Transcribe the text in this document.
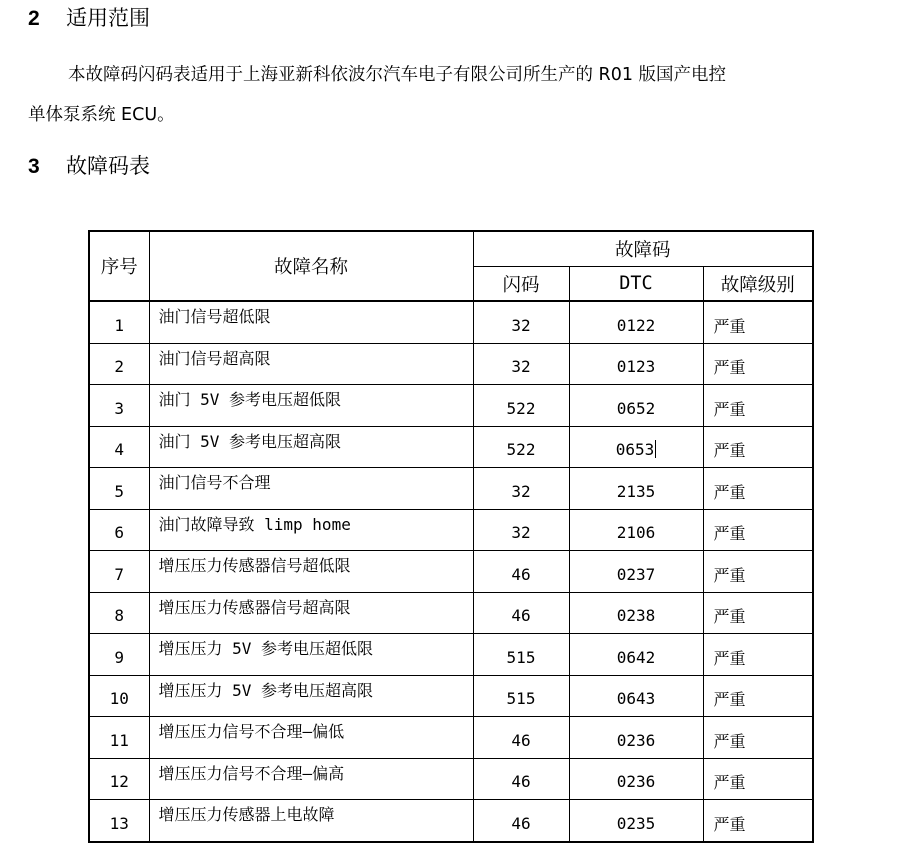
2 适用范围
本故障码闪码表适用于上海亚新科依波尔汽车电子有限公司所生产的 R01 版国产电控
单体泵系统 ECU。
3 故障码表
序号	故障名称	故障码		
		闪码	DTC	故障级别
1	油门信号超低限	32	0122	严重
2	油门信号超高限	32	0123	严重
3	油门 5V 参考电压超低限	522	0652	严重
4	油门 5V 参考电压超高限	522	0653	严重
5	油门信号不合理	32	2135	严重
6	油门故障导致 limp home	32	2106	严重
7	增压压力传感器信号超低限	46	0237	严重
8	增压压力传感器信号超高限	46	0238	严重
9	增压压力 5V 参考电压超低限	515	0642	严重
10	增压压力 5V 参考电压超高限	515	0643	严重
11	增压压力信号不合理—偏低	46	0236	严重
12	增压压力信号不合理—偏高	46	0236	严重
13	增压压力传感器上电故障	46	0235	严重
